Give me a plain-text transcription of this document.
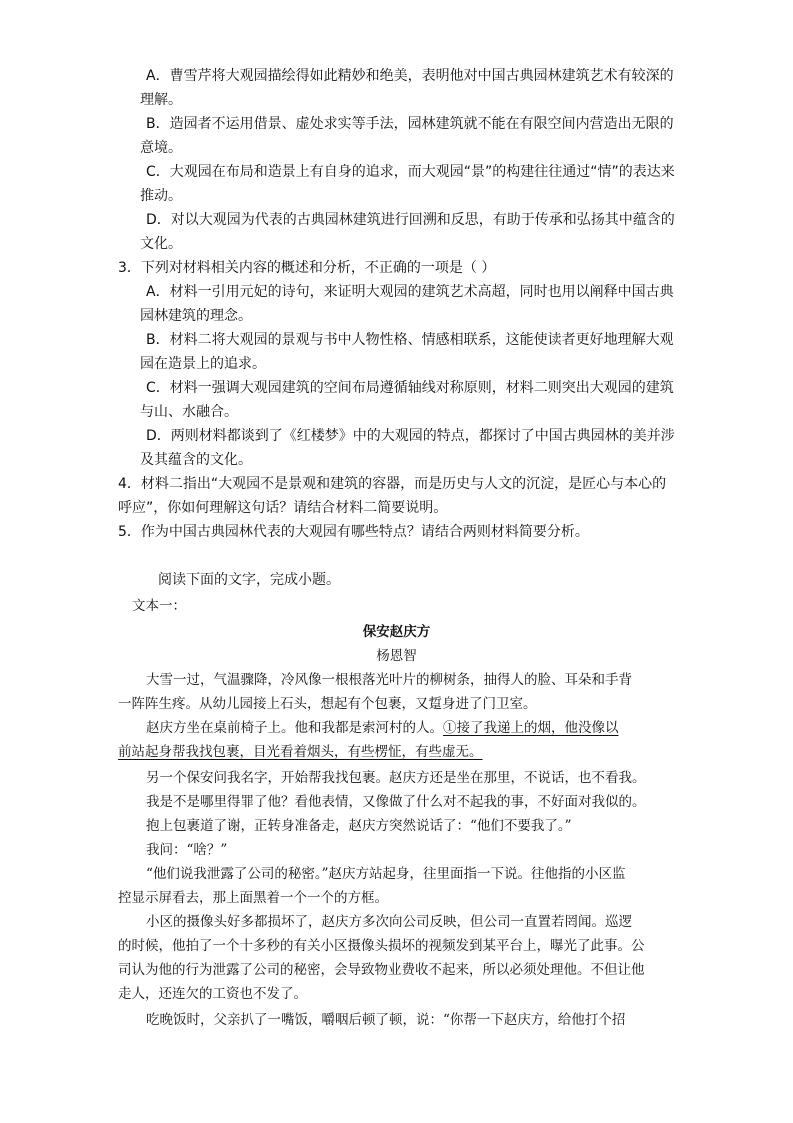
A．曹雪芹将大观园描绘得如此精妙和绝美，表明他对中国古典园林建筑艺术有较深的
理解。
B．造园者不运用借景、虚处求实等手法，园林建筑就不能在有限空间内营造出无限的
意境。
C．大观园在布局和造景上有自身的追求，而大观园“景”的构建往往通过“情”的表达来
推动。
D．对以大观园为代表的古典园林建筑进行回溯和反思，有助于传承和弘扬其中蕴含的
文化。
3．下列对材料相关内容的概述和分析，不正确的一项是（ ）
A．材料一引用元妃的诗句，来证明大观园的建筑艺术高超，同时也用以阐释中国古典
园林建筑的理念。
B．材料二将大观园的景观与书中人物性格、情感相联系，这能使读者更好地理解大观
园在造景上的追求。
C．材料一强调大观园建筑的空间布局遵循轴线对称原则，材料二则突出大观园的建筑
与山、水融合。
D．两则材料都谈到了《红楼梦》中的大观园的特点，都探讨了中国古典园林的美并涉
及其蕴含的文化。
4．材料二指出“大观园不是景观和建筑的容器，而是历史与人文的沉淀，是匠心与本心的
呼应”，你如何理解这句话？请结合材料二简要说明。
5．作为中国古典园林代表的大观园有哪些特点？请结合两则材料简要分析。
阅读下面的文字，完成小题。
文本一：
保安赵庆方
杨恩智
大雪一过，气温骤降，冷风像一根根落光叶片的柳树条，抽得人的脸、耳朵和手背
一阵阵生疼。从幼儿园接上石头，想起有个包裹，又踅身进了门卫室。
赵庆方坐在桌前椅子上。他和我都是索河村的人。①接了我递上的烟，他没像以
前站起身帮我找包裹，目光看着烟头，有些楞怔，有些虚无。
另一个保安问我名字，开始帮我找包裹。赵庆方还是坐在那里，不说话，也不看我。
我是不是哪里得罪了他？看他表情，又像做了什么对不起我的事，不好面对我似的。
抱上包裹道了谢，正转身准备走，赵庆方突然说话了：“他们不要我了。”
我问：“啥？”
“他们说我泄露了公司的秘密。”赵庆方站起身，往里面指一下说。往他指的小区监
控显示屏看去，那上面黑着一个一个的方框。
小区的摄像头好多都损坏了，赵庆方多次向公司反映，但公司一直置若罔闻。巡逻
的时候，他拍了一个十多秒的有关小区摄像头损坏的视频发到某平台上，曝光了此事。公
司认为他的行为泄露了公司的秘密，会导致物业费收不起来，所以必须处理他。不但让他
走人，还连欠的工资也不发了。
吃晚饭时，父亲扒了一嘴饭，嚼咽后顿了顿，说：“你帮一下赵庆方，给他打个招
